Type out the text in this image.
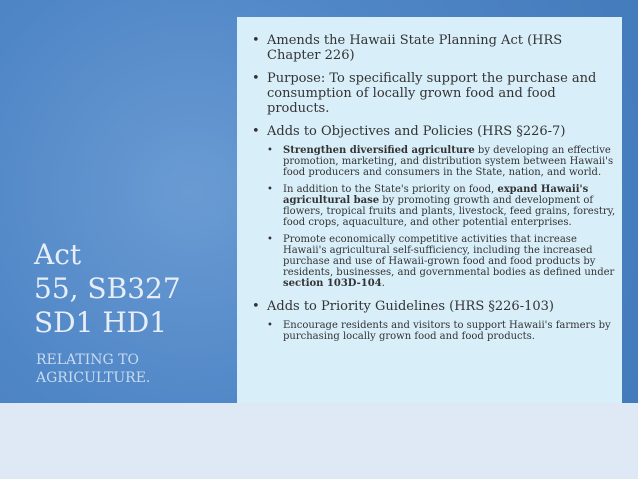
Act
55, SB327
SD1 HD1
RELATING TO
AGRICULTURE.
• Amends the Hawaii State Planning Act (HRS Chapter 226)
• Purpose: To specifically support the purchase and consumption of locally grown food and food products.
• Adds to Objectives and Policies (HRS §226-7)
• Strengthen diversified agriculture by developing an effective promotion, marketing, and distribution system between Hawaii's food producers and consumers in the State, nation, and world.
• In addition to the State's priority on food, expand Hawaii's agricultural base by promoting growth and development of flowers, tropical fruits and plants, livestock, feed grains, forestry, food crops, aquaculture, and other potential enterprises.
• Promote economically competitive activities that increase Hawaii's agricultural self-sufficiency, including the increased purchase and use of Hawaii-grown food and food products by residents, businesses, and governmental bodies as defined under section 103D-104.
• Adds to Priority Guidelines (HRS §226-103)
• Encourage residents and visitors to support Hawaii's farmers by purchasing locally grown food and food products.
